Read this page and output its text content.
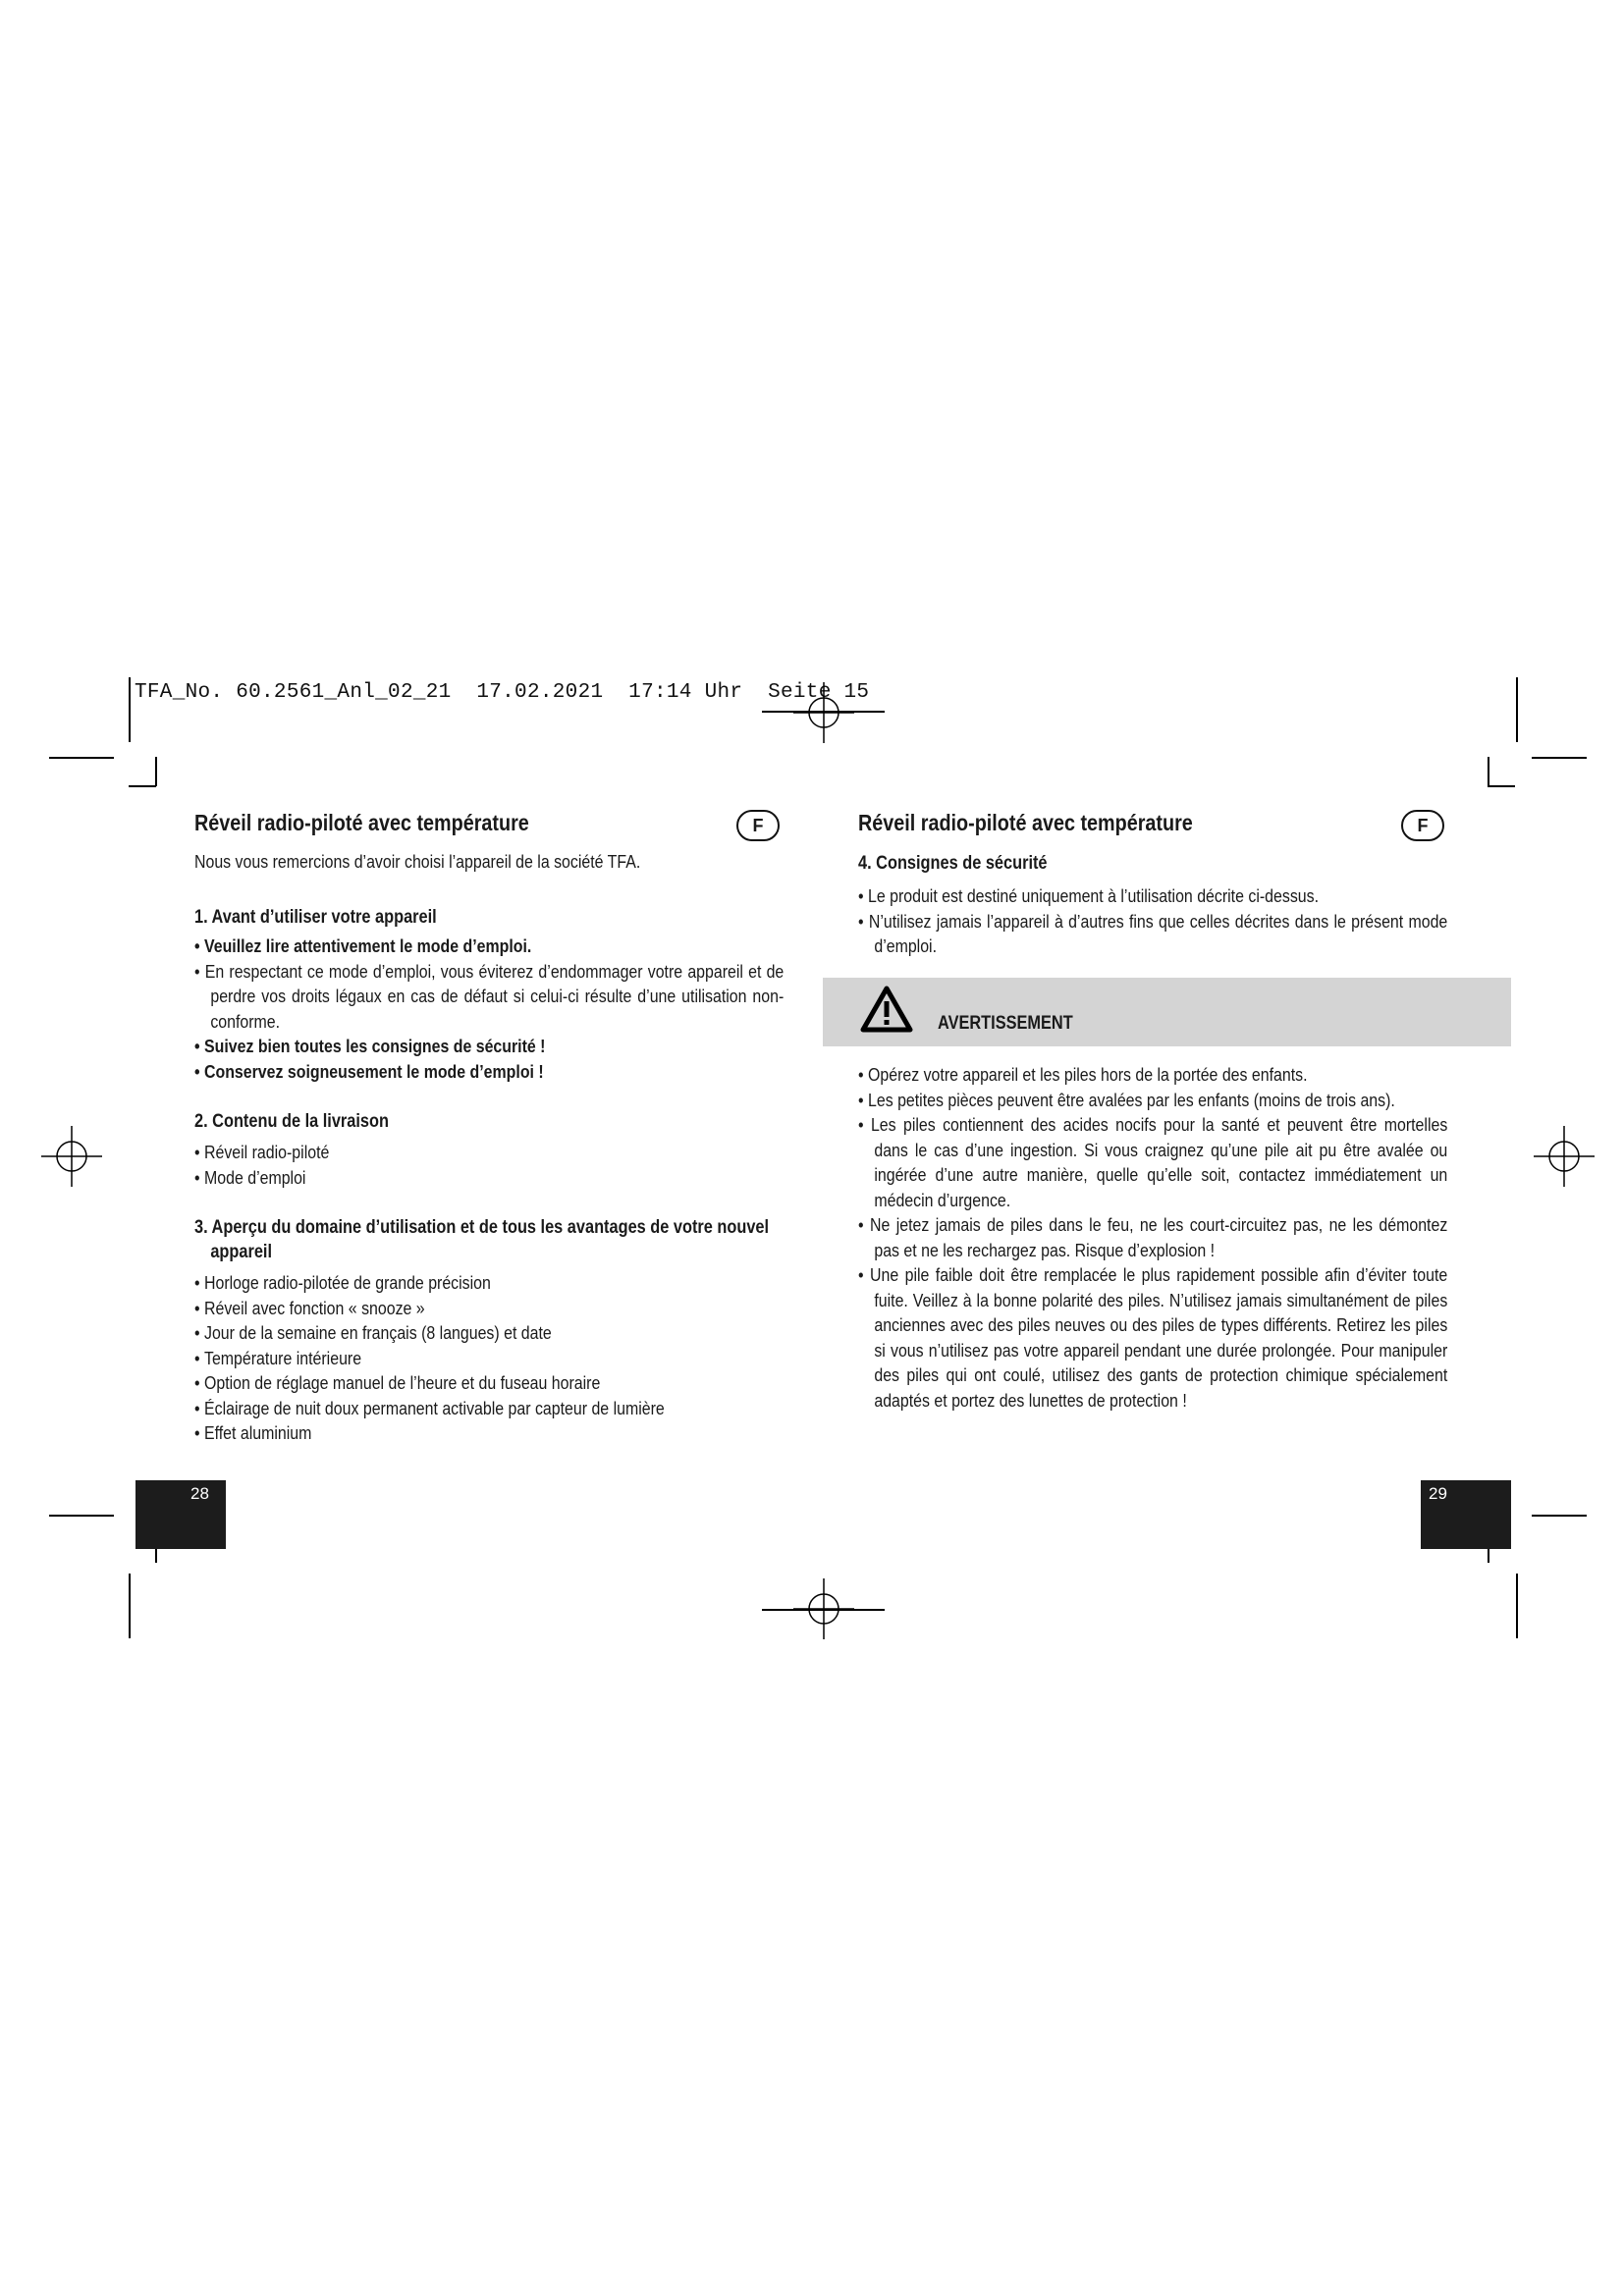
TFA_No. 60.2561_Anl_02_21  17.02.2021  17:14 Uhr  Seite 15
Réveil radio-piloté avec température	F

Nous vous remercions d’avoir choisi l’appareil de la société TFA.

1. Avant d’utiliser votre appareil

• Veuillez lire attentivement le mode d’emploi.
• En respectant ce mode d’emploi, vous éviterez d’endommager votre appareil et de perdre vos droits légaux en cas de défaut si celui-ci résulte d’une utilisation non-conforme.
• Suivez bien toutes les consignes de sécurité !
• Conservez soigneusement le mode d’emploi !

2. Contenu de la livraison

• Réveil radio-piloté
• Mode d’emploi

3. Aperçu du domaine d’utilisation et de tous les avantages de votre nouvel appareil

• Horloge radio-pilotée de grande précision
• Réveil avec fonction « snooze »
• Jour de la semaine en français (8 langues) et date
• Température intérieure
• Option de réglage manuel de l’heure et du fuseau horaire
• Éclairage de nuit doux permanent activable par capteur de lumière
• Effet aluminium
Réveil radio-piloté avec température	F

4. Consignes de sécurité

• Le produit est destiné uniquement à l’utilisation décrite ci-dessus.
• N’utilisez jamais l’appareil à d’autres fins que celles décrites dans le présent mode d’emploi.
AVERTISSEMENT
• Opérez votre appareil et les piles hors de la portée des enfants.
• Les petites pièces peuvent être avalées par les enfants (moins de trois ans).
• Les piles contiennent des acides nocifs pour la santé et peuvent être mortelles dans le cas d’une ingestion. Si vous craignez qu’une pile ait pu être avalée ou ingérée d’une autre manière, quelle qu’elle soit, contactez immédiatement un médecin d’urgence.
• Ne jetez jamais de piles dans le feu, ne les court-circuitez pas, ne les démontez pas et ne les rechargez pas. Risque d’explosion !
• Une pile faible doit être remplacée le plus rapidement possible afin d’éviter toute fuite. Veillez à la bonne polarité des piles. N’utilisez jamais simultanément de piles anciennes avec des piles neuves ou des piles de types différents. Retirez les piles si vous n’utilisez pas votre appareil pendant une durée prolongée. Pour manipuler des piles qui ont coulé, utilisez des gants de protection chimique spécialement adaptés et portez des lunettes de protection !
28	29
